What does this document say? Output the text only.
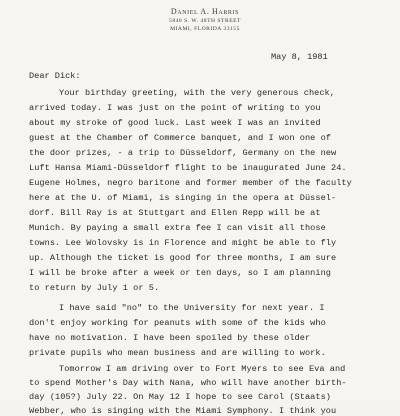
Daniel A. Harris
5840 S. W. 48TH STREET
MIAMI, FLORIDA 33155
May 8, 1981
Dear Dick:
Your birthday greeting, with the very generous check,
arrived today. I was just on the point of writing to you
about my stroke of good luck. Last week I was an invited
guest at the Chamber of Commerce banquet, and I won one of
the door prizes, - a trip to Düsseldorf, Germany on the new
Luft Hansa Miami-Düsseldorf flight to be inaugurated June 24.
Eugene Holmes, negro baritone and former member of the faculty
here at the U. of Miami, is singing in the opera at Düssel-
dorf. Bill Ray is at Stuttgart and Ellen Repp will be at
Munich. By paying a small extra fee I can visit all those
towns. Lee Wolovsky is in Florence and might be able to fly
up. Although the ticket is good for three months, I am sure
I will be broke after a week or ten days, so I am planning
to return by July 1 or 5.
I have said "no" to the University for next year. I
don't enjoy working for peanuts with some of the kids who
have no motivation. I have been spoiled by these older
private pupils who mean business and are willing to work.
Tomorrow I am driving over to Fort Myers to see Eva and
to spend Mother's Day with Nana, who will have another birth-
day (105?) July 22. On May 12 I hope to see Carol (Staats)
Webber, who is singing with the Miami Symphony. I think you
